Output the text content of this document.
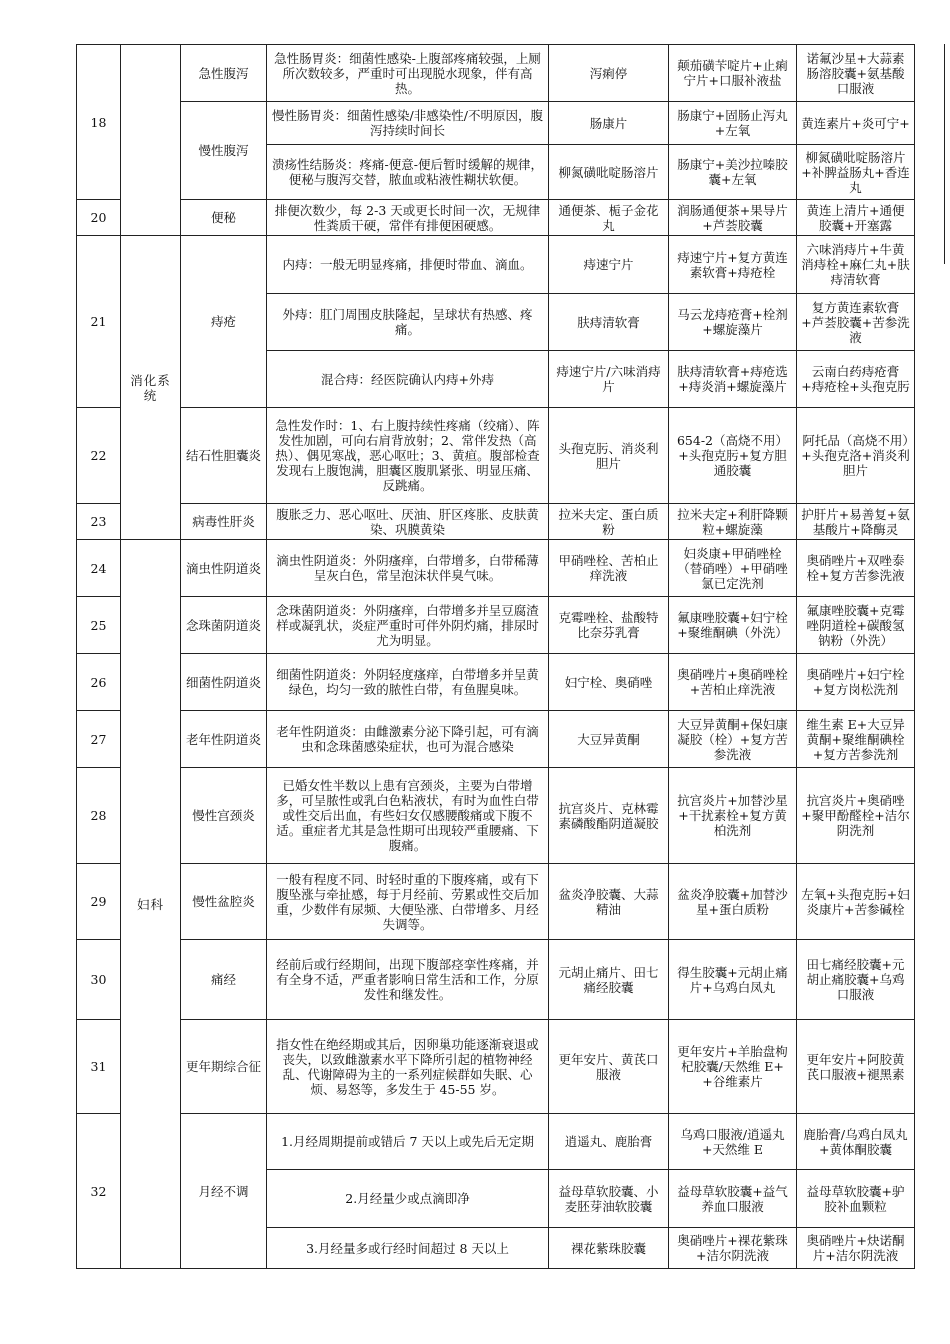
18		急性腹泻	急性肠胃炎：细菌性感染-上腹部疼痛较强，上厕所次数较多，严重时可出现脱水现象，伴有高热。	泻痢停	颠茄磺苄啶片+止痢宁片+口服补液盐	诺氟沙星+大蒜素肠溶胶囊+氨基酸口服液
		慢性腹泻	慢性肠胃炎：细菌性感染/非感染性/不明原因，腹泻持续时间长	肠康片	肠康宁+固肠止泻丸+左氧	黄连素片+炎可宁+
			溃疡性结肠炎：疼痛-便意-便后暂时缓解的规律，便秘与腹泻交替，脓血或粘液性糊状软便。	柳氮磺吡啶肠溶片	肠康宁+美沙拉嗪胶囊+左氧	柳氮磺吡啶肠溶片+补脾益肠丸+香连丸
20		便秘	排便次数少，每 2-3 天或更长时间一次，无规律性粪质干硬，常伴有排便困硬感。	通便茶、栀子金花丸	润肠通便茶+果导片+芦荟胶囊	黄连上清片+通便胶囊+开塞露
21	消化系统	痔疮	内痔：一般无明显疼痛，排便时带血、滴血。	痔速宁片	痔速宁片+复方黄连素软膏+痔疮栓	六味消痔片+牛黄消痔栓+麻仁丸+肤痔清软膏
			外痔：肛门周围皮肤隆起，呈球状有热感、疼痛。	肤痔清软膏	马云龙痔疮膏+栓剂+螺旋藻片	复方黄连素软膏+芦荟胶囊+苦参洗液
			混合痔：经医院确认内痔+外痔	痔速宁片/六味消痔片	肤痔清软膏+痔疮选+痔炎消+螺旋藻片	云南白药痔疮膏+痔疮栓+头孢克肟
22		结石性胆囊炎	急性发作时：1、右上腹持续性疼痛（绞痛）、阵发性加剧，可向右肩背放射；2、常伴发热（高热）、偶见寒战，恶心呕吐；3、黄疸。腹部检查发现右上腹饱满，胆囊区腹肌紧张、明显压痛、反跳痛。	头孢克肟、消炎利胆片	654-2（高烧不用）+头孢克肟+复方胆通胶囊	阿托品（高烧不用）+头孢克洛+消炎利胆片
23		病毒性肝炎	腹胀乏力、恶心呕吐、厌油、肝区疼胀、皮肤黄染、巩膜黄染	拉米夫定、蛋白质粉	拉米夫定+利肝降颗粒+螺旋藻	护肝片+易善复+氨基酸片+降酶灵
24	妇科	滴虫性阴道炎	滴虫性阴道炎：外阴瘙痒，白带增多，白带稀薄呈灰白色，常呈泡沫状伴臭气味。	甲硝唑栓、苦柏止痒洗液	妇炎康+甲硝唑栓（替硝唑）+甲硝唑氯已定洗剂	奥硝唑片+双唑泰栓+复方苦参洗液
25		念珠菌阴道炎	念珠菌阴道炎：外阴瘙痒，白带增多并呈豆腐渣样或凝乳状，炎症严重时可伴外阴灼痛，排尿时尤为明显。	克霉唑栓、盐酸特比奈芬乳膏	氟康唑胶囊+妇宁栓+聚维酮碘（外洗）	氟康唑胶囊+克霉唑阴道栓+碳酸氢钠粉（外洗）
26		细菌性阴道炎	细菌性阴道炎：外阴轻度瘙痒，白带增多并呈黄绿色，均匀一致的脓性白带，有鱼腥臭味。	妇宁栓、奥硝唑	奥硝唑片+奥硝唑栓+苦柏止痒洗液	奥硝唑片+妇宁栓+复方岗松洗剂
27		老年性阴道炎	老年性阴道炎：由雌激素分泌下降引起，可有滴虫和念珠菌感染症状，也可为混合感染	大豆异黄酮	大豆异黄酮+保妇康凝胶（栓）+复方苦参洗液	维生素 E+大豆异黄酮+聚维酮碘栓+复方苦参洗剂
28		慢性宫颈炎	已婚女性半数以上患有宫颈炎，主要为白带增多，可呈脓性或乳白色粘液状，有时为血性白带或性交后出血，有些妇女仅感腰酸痛或下腹不适。重症者尤其是急性期可出现较严重腰痛、下腹痛。	抗宫炎片、克林霉素磷酸酯阴道凝胶	抗宫炎片+加替沙星+干扰素栓+复方黄柏洗剂	抗宫炎片+奥硝唑+聚甲酚醛栓+洁尔阴洗剂
29		慢性盆腔炎	一般有程度不同、时轻时重的下腹疼痛，或有下腹坠涨与牵扯感，每于月经前、劳累或性交后加重，少数伴有尿频、大便坠涨、白带增多、月经失调等。	盆炎净胶囊、大蒜精油	盆炎净胶囊+加替沙星+蛋白质粉	左氧+头孢克肟+妇炎康片+苦参碱栓
30		痛经	经前后或行经期间，出现下腹部痉挛性疼痛，并有全身不适，严重者影响日常生活和工作，分原发性和继发性。	元胡止痛片、田七痛经胶囊	得生胶囊+元胡止痛片+乌鸡白凤丸	田七痛经胶囊+元胡止痛胶囊+乌鸡口服液
31		更年期综合征	指女性在绝经期或其后，因卵巢功能逐渐衰退或丧失，以致雌激素水平下降所引起的植物神经乱、代谢障碍为主的一系列症候群如失眠、心烦、易怒等，多发生于 45-55 岁。	更年安片、黄芪口服液	更年安片+羊胎盘枸杞胶囊/天然维 E++谷维素片	更年安片+阿胶黄芪口服液+褪黑素
32		月经不调	1.月经周期提前或错后 7 天以上或先后无定期	逍遥丸、鹿胎膏	乌鸡口服液/逍遥丸+天然维 E	鹿胎膏/乌鸡白凤丸+黄体酮胶囊
			2.月经量少或点滴即净	益母草软胶囊、小麦胚芽油软胶囊	益母草软胶囊+益气养血口服液	益母草软胶囊+驴胶补血颗粒
			3.月经量多或行经时间超过 8 天以上	裸花紫珠胶囊	奥硝唑片+裸花紫珠+洁尔阴洗液	奥硝唑片+炔诺酮片+洁尔阴洗液
